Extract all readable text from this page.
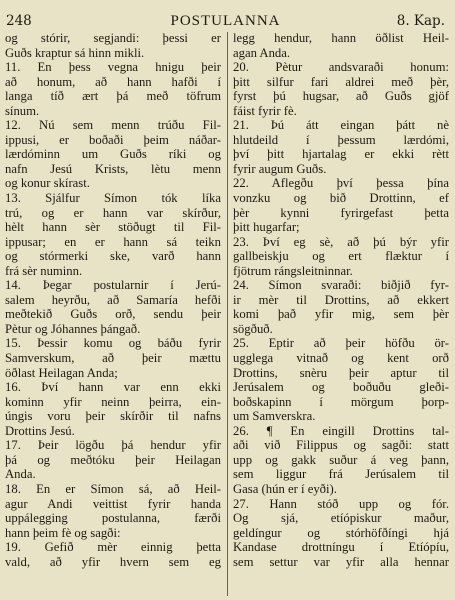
248	POSTULANNA	8. Kap.
og stórir, segjandi: þessi er
Guðs kraptur sá hinn mikli.
11. En þess vegna hnigu þeir
að honum, að hann hafði í
langa tíð ært þá með töfrum
sínum.
12. Nú sem menn trúðu Fil-
ippusi, er boðaði þeim náðar-
lærdóminn um Guðs ríki og
nafn Jesú Krists, lètu menn
og konur skírast.
13. Sjálfur Símon tók líka
trú, og er hann var skírður,
hèlt hann sèr stöðugt til Fil-
ippusar; en er hann sá teikn
og stórmerki ske, varð hann
frá sèr numinn.
14. Þegar postularnir í Jerú-
salem heyrðu, að Samaría hefði
meðtekið Guðs orð, sendu þeir
Pètur og Jóhannes þángað.
15. Þessir komu og báðu fyrir
Samverskum, að þeir mættu
öðlast Heilagan Anda;
16. Því hann var enn ekki
kominn yfir neinn þeirra, ein-
úngis voru þeir skírðir til nafns
Drottins Jesú.
17. Þeir lögðu þá hendur yfir
þá og meðtóku þeir Heilagan
Anda.
18. En er Símon sá, að Heil-
agur Andi veittist fyrir handa
uppálegging postulanna, færði
hann þeim fè og sagði:
19. Gefið mèr einnig þetta
vald, að yfir hvern sem eg
legg hendur, hann öðlist Heil-
agan Anda.
20. Pètur andsvaraði honum:
þitt silfur fari aldrei með þèr,
fyrst þú hugsar, að Guðs gjöf
fáist fyrir fè.
21. Þú átt eingan þátt nè
hlutdeild í þessum lærdómi,
því þitt hjartalag er ekki rètt
fyrir augum Guðs.
22. Aflegðu því þessa þína
vonzku og bið Drottinn, ef
þèr kynni fyrirgefast þetta
þitt hugarfar;
23. Því eg sè, að þú býr yfir
gallbeiskju og ert flæktur í
fjötrum rángsleitninnar.
24. Símon svaraði: biðjið fyr-
ir mèr til Drottins, að ekkert
komi það yfir mig, sem þèr
sögðuð.
25. Eptir að þeir höfðu ör-
ugglega vitnað og kent orð
Drottins, snèru þeir aptur til
Jerúsalem og boðuðu gleði-
boðskapinn í mörgum þorp-
um Samverskra.
26. ¶ En eingill Drottins tal-
aði við Filippus og sagði: statt
upp og gakk suður á veg þann,
sem liggur frá Jerúsalem til
Gasa (hún er í eyði).
27. Hann stóð upp og fór.
Og sjá, etíópiskur maður,
geldíngur og stórhöfðíngi hjá
Kandase drottníngu í Etíópíu,
sem settur var yfir alla hennar
